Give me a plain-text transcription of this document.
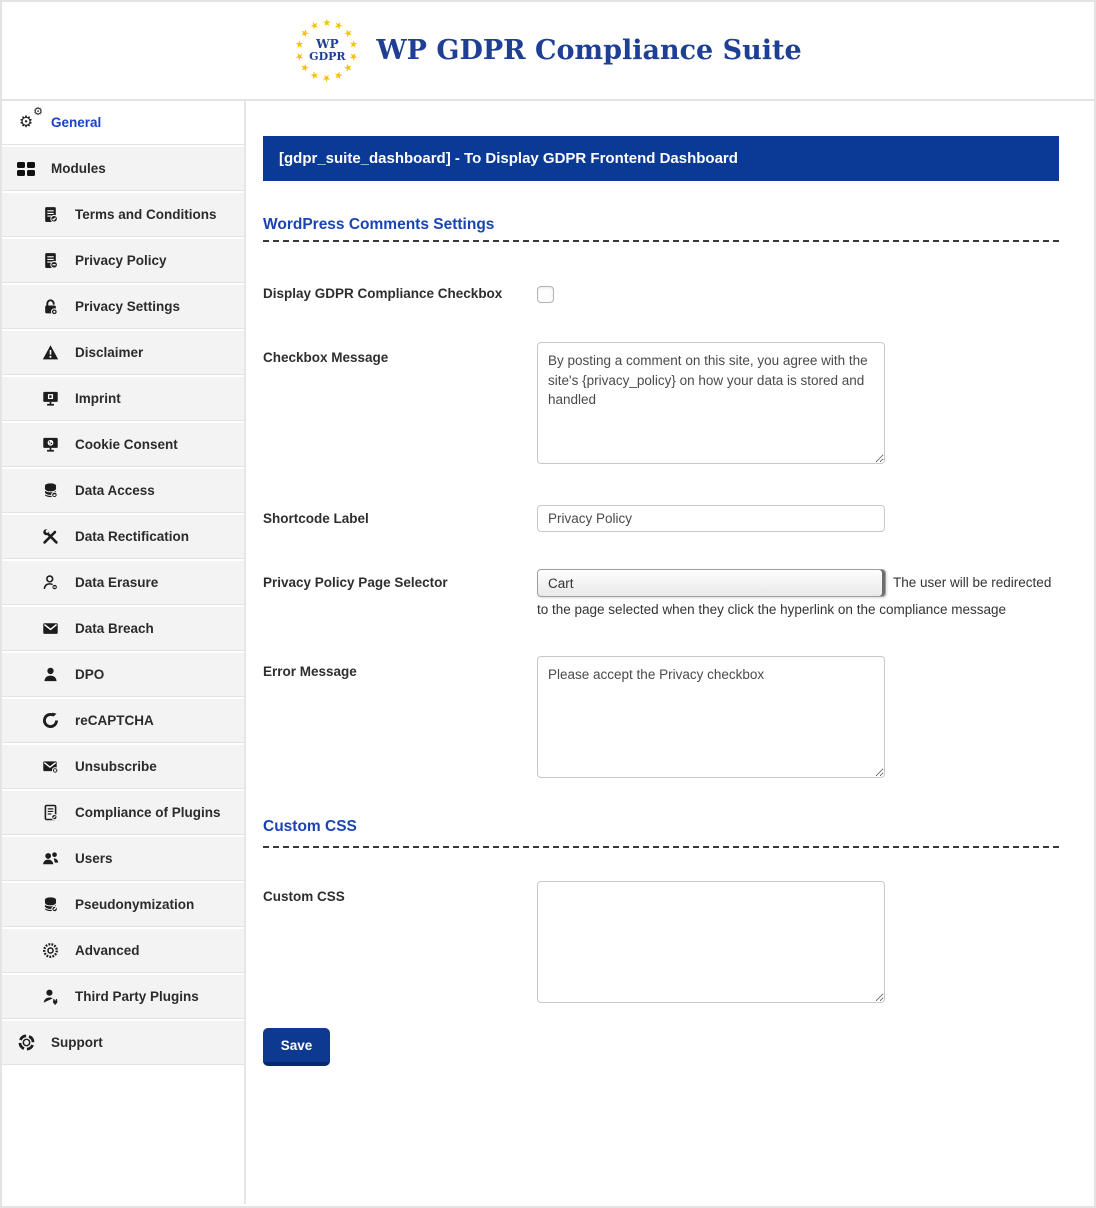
★ ★
★
★
★
★
★
★
★
★
★
★
★
★
WP
GDPR WP GDPR Compliance Suite
⚙
⚙
General
Modules
Terms and Conditions
Privacy Policy
Privacy Settings
Disclaimer
Imprint
Cookie Consent
Data Access
Data Rectification
Data Erasure
Data Breach
DPO
reCAPTCHA
Unsubscribe
Compliance of Plugins
Users
Pseudonymization
Advanced
Third Party Plugins
Support
[gdpr_suite_dashboard] - To Display GDPR Frontend Dashboard
WordPress Comments Settings
Display GDPR Compliance Checkbox
Checkbox Message
By posting a comment on this site, you agree with the site's {privacy_policy} on how your data is stored and handled
Shortcode Label
Privacy Policy
Privacy Policy Page Selector
Cart	The user will be redirected to the page selected when they click the hyperlink on the compliance message
Error Message
Please accept the Privacy checkbox
Custom CSS
Custom CSS
Save
